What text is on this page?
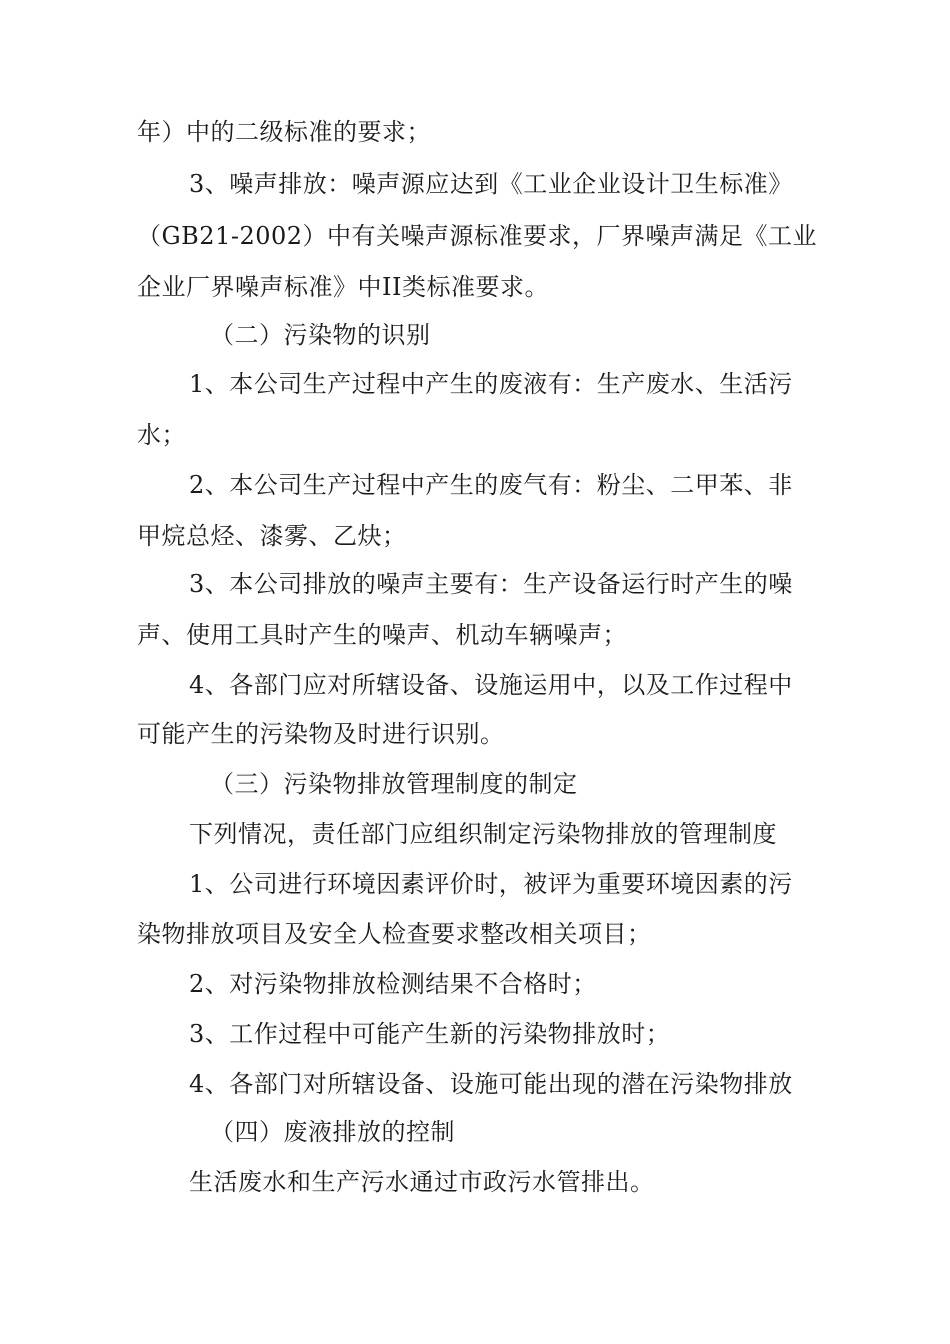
年）中的二级标准的要求；
3、噪声排放：噪声源应达到《工业企业设计卫生标准》
（GB21-2002）中有关噪声源标准要求，厂界噪声满足《工业
企业厂界噪声标准》中II类标准要求。
（二）污染物的识别
1、本公司生产过程中产生的废液有：生产废水、生活污
水；
2、本公司生产过程中产生的废气有：粉尘、二甲苯、非
甲烷总烃、漆雾、乙炔；
3、本公司排放的噪声主要有：生产设备运行时产生的噪
声、使用工具时产生的噪声、机动车辆噪声；
4、各部门应对所辖设备、设施运用中，以及工作过程中
可能产生的污染物及时进行识别。
（三）污染物排放管理制度的制定
下列情况，责任部门应组织制定污染物排放的管理制度
1、公司进行环境因素评价时，被评为重要环境因素的污
染物排放项目及安全人检查要求整改相关项目；
2、对污染物排放检测结果不合格时；
3、工作过程中可能产生新的污染物排放时；
4、各部门对所辖设备、设施可能出现的潜在污染物排放
（四）废液排放的控制
生活废水和生产污水通过市政污水管排出。
